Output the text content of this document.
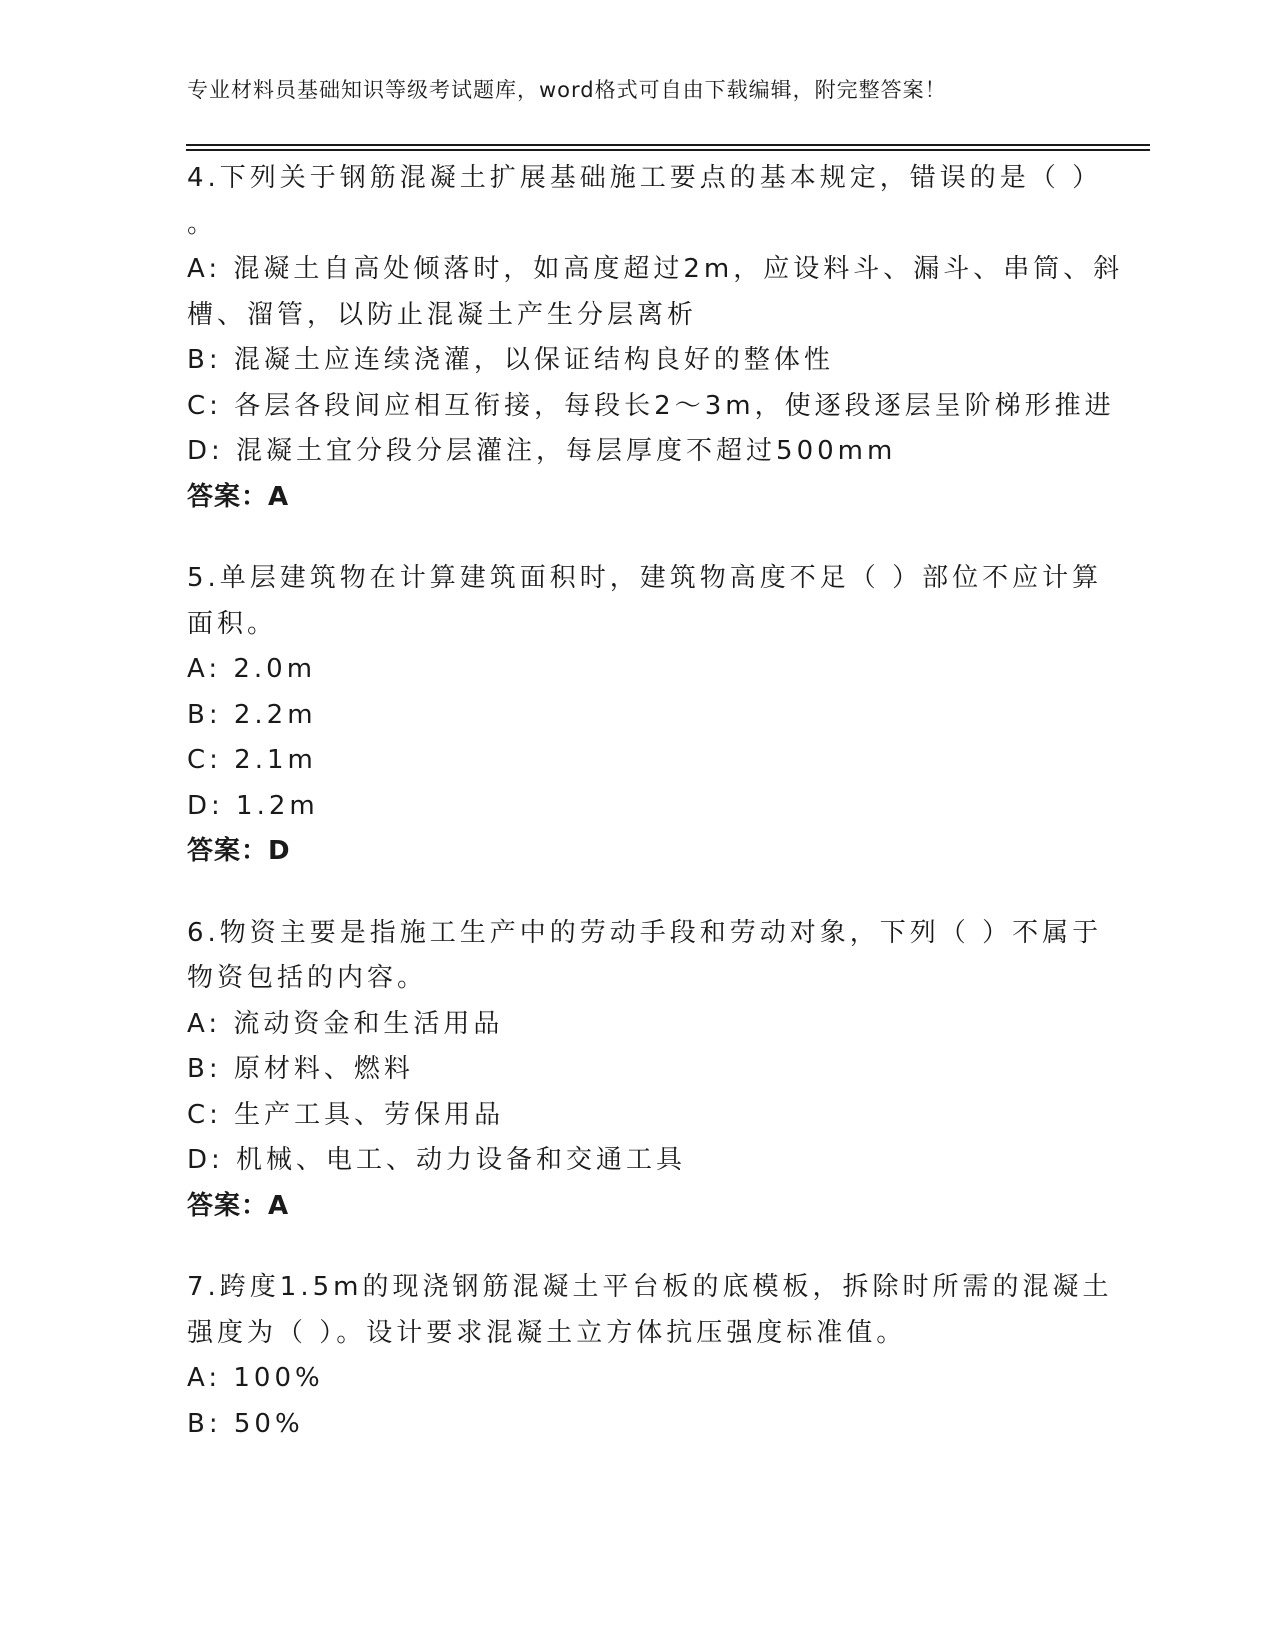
专业材料员基础知识等级考试题库，word格式可自由下载编辑，附完整答案！
4.下列关于钢筋混凝土扩展基础施工要点的基本规定，错误的是（ ）
。
A: 混凝土自高处倾落时，如高度超过2m，应设料斗、漏斗、串筒、斜
槽、溜管，以防止混凝土产生分层离析
B: 混凝土应连续浇灌，以保证结构良好的整体性
C: 各层各段间应相互衔接，每段长2～3m，使逐段逐层呈阶梯形推进
D: 混凝土宜分段分层灌注，每层厚度不超过500mm
答案：A
5.单层建筑物在计算建筑面积时，建筑物高度不足（ ）部位不应计算
面积。
A: 2.0m
B: 2.2m
C: 2.1m
D: 1.2m
答案：D
6.物资主要是指施工生产中的劳动手段和劳动对象，下列（ ）不属于
物资包括的内容。
A: 流动资金和生活用品
B: 原材料、燃料
C: 生产工具、劳保用品
D: 机械、电工、动力设备和交通工具
答案：A
7.跨度1.5m的现浇钢筋混凝土平台板的底模板，拆除时所需的混凝土
强度为（ ）。设计要求混凝土立方体抗压强度标准值。
A: 100%
B: 50%
